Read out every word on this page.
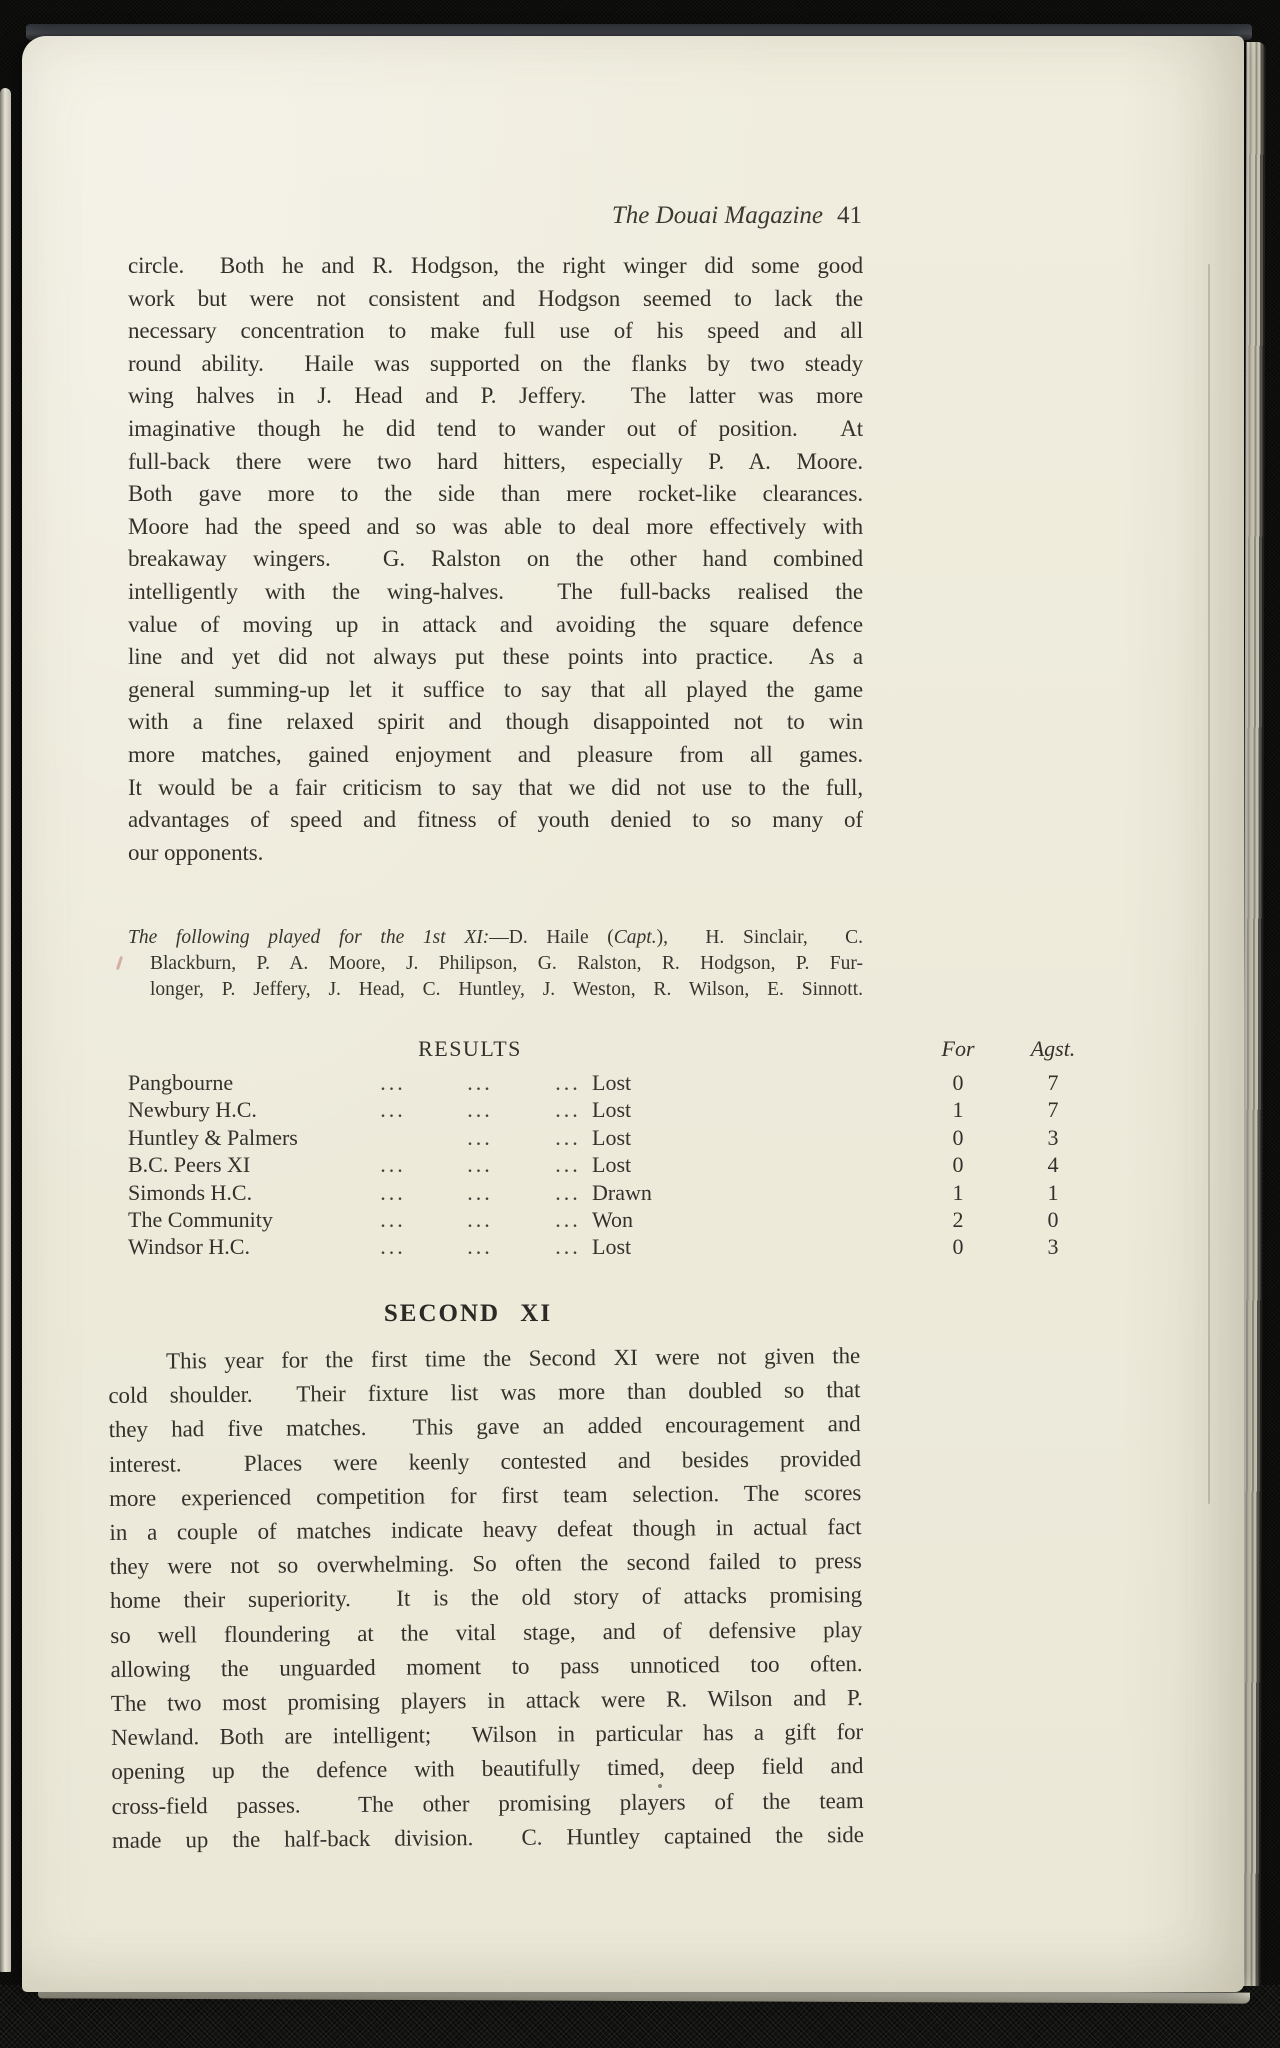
The Douai Magazine 41
circle.  Both he and R. Hodgson, the right winger did some good
work but were not consistent and Hodgson seemed to lack the
necessary concentration to make full use of his speed and all
round ability.  Haile was supported on the flanks by two steady
wing halves in J. Head and P. Jeffery.  The latter was more
imaginative though he did tend to wander out of position.  At
full-back there were two hard hitters, especially P. A. Moore.
Both gave more to the side than mere rocket-like clearances.
Moore had the speed and so was able to deal more effectively with
breakaway wingers.  G. Ralston on the other hand combined
intelligently with the wing-halves.  The full-backs realised the
value of moving up in attack and avoiding the square defence
line and yet did not always put these points into practice.  As a
general summing-up let it suffice to say that all played the game
with a fine relaxed spirit and though disappointed not to win
more matches, gained enjoyment and pleasure from all games.
It would be a fair criticism to say that we did not use to the full,
advantages of speed and fitness of youth denied to so many of
our opponents.
The following played for the 1st XI:—D. Haile (Capt.),  H. Sinclair,  C.
Blackburn, P. A. Moore, J. Philipson, G. Ralston, R. Hodgson, P. Fur-
longer, P. Jeffery, J. Head, C. Huntley, J. Weston, R. Wilson, E. Sinnott.
RESULTS	For	Agst.
Pangbourne	...	...	... Lost	0	7
Newbury H.C.	...	...	... Lost	1	7
Huntley & Palmers	...	... Lost	0	3
B.C. Peers XI	...	...	... Lost	0	4
Simonds H.C.	...	...	... Drawn	1	1
The Community	...	...	... Won	2	0
Windsor H.C.	...	...	... Lost	0	3
SECOND XI
This year for the first time the Second XI were not given the
cold shoulder.  Their fixture list was more than doubled so that
they had five matches.  This gave an added encouragement and
interest.  Places were keenly contested and besides provided
more experienced competition for first team selection. The scores
in a couple of matches indicate heavy defeat though in actual fact
they were not so overwhelming. So often the second failed to press
home their superiority.  It is the old story of attacks promising
so well floundering at the vital stage, and of defensive play
allowing the unguarded moment to pass unnoticed too often.
The two most promising players in attack were R. Wilson and P.
Newland. Both are intelligent;  Wilson in particular has a gift for
opening up the defence with beautifully timed, deep field and
cross-field passes.  The other promising players of the team
made up the half-back division.  C. Huntley captained the side
